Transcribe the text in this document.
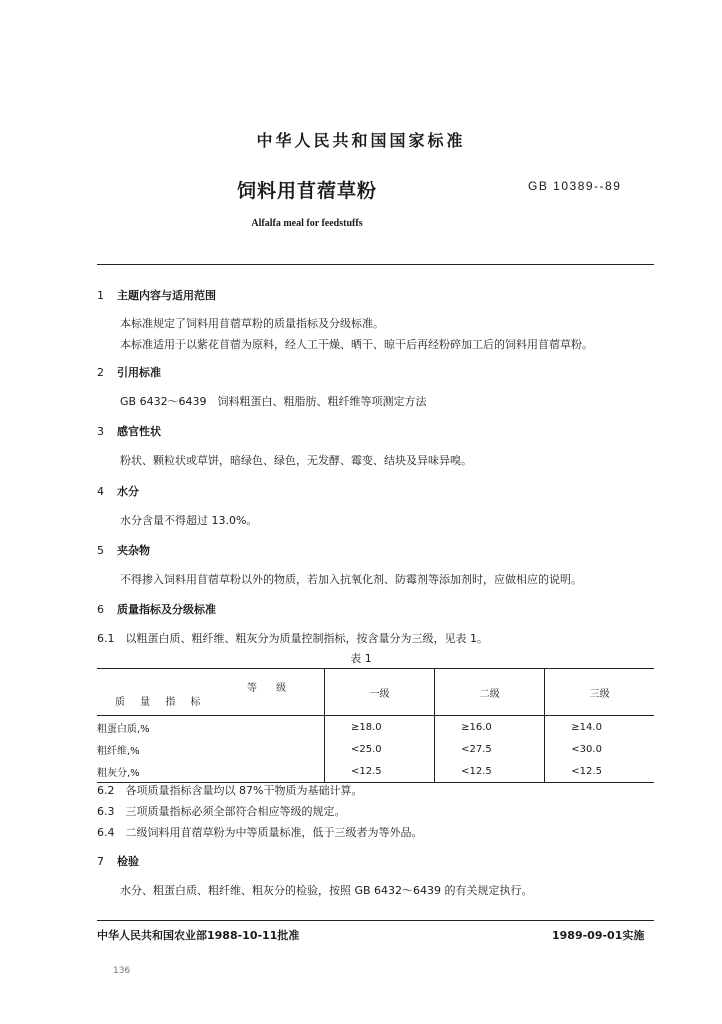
中华人民共和国国家标准
饲料用苜蓿草粉	GB 10389--89
Alfalfa meal for feedstuffs
1 主题内容与适用范围
本标准规定了饲料用苜蓿草粉的质量指标及分级标准。
本标准适用于以紫花苜蓿为原料，经人工干燥、晒干、晾干后再经粉碎加工后的饲料用苜蓿草粉。
2 引用标准
GB 6432～6439　饲料粗蛋白、粗脂肪、粗纤维等项测定方法
3 感官性状
粉状、颗粒状或草饼，暗绿色、绿色，无发酵、霉变、结块及异味异嗅。
4 水分
水分含量不得超过 13.0%。
5 夹杂物
不得掺入饲料用苜蓿草粉以外的物质，若加入抗氧化剂、防霉剂等添加剂时，应做相应的说明。
6 质量指标及分级标准
6.1　以粗蛋白质、粗纤维、粗灰分为质量控制指标，按含量分为三级，见表 1。
表 1
等 级
质 量 指 标	一级	二级	三级
粗蛋白质,%	≥18.0	≥16.0	≥14.0
粗纤维,%	<25.0	<27.5	<30.0
粗灰分,%	<12.5	<12.5	<12.5
6.2　各项质量指标含量均以 87%干物质为基础计算。
6.3　三项质量指标必须全部符合相应等级的规定。
6.4　二级饲料用苜蓿草粉为中等质量标准，低于三级者为等外品。
7 检验
水分、粗蛋白质、粗纤维、粗灰分的检验，按照 GB 6432～6439 的有关规定执行。
中华人民共和国农业部1988-10-11批准	1989-09-01实施
136
